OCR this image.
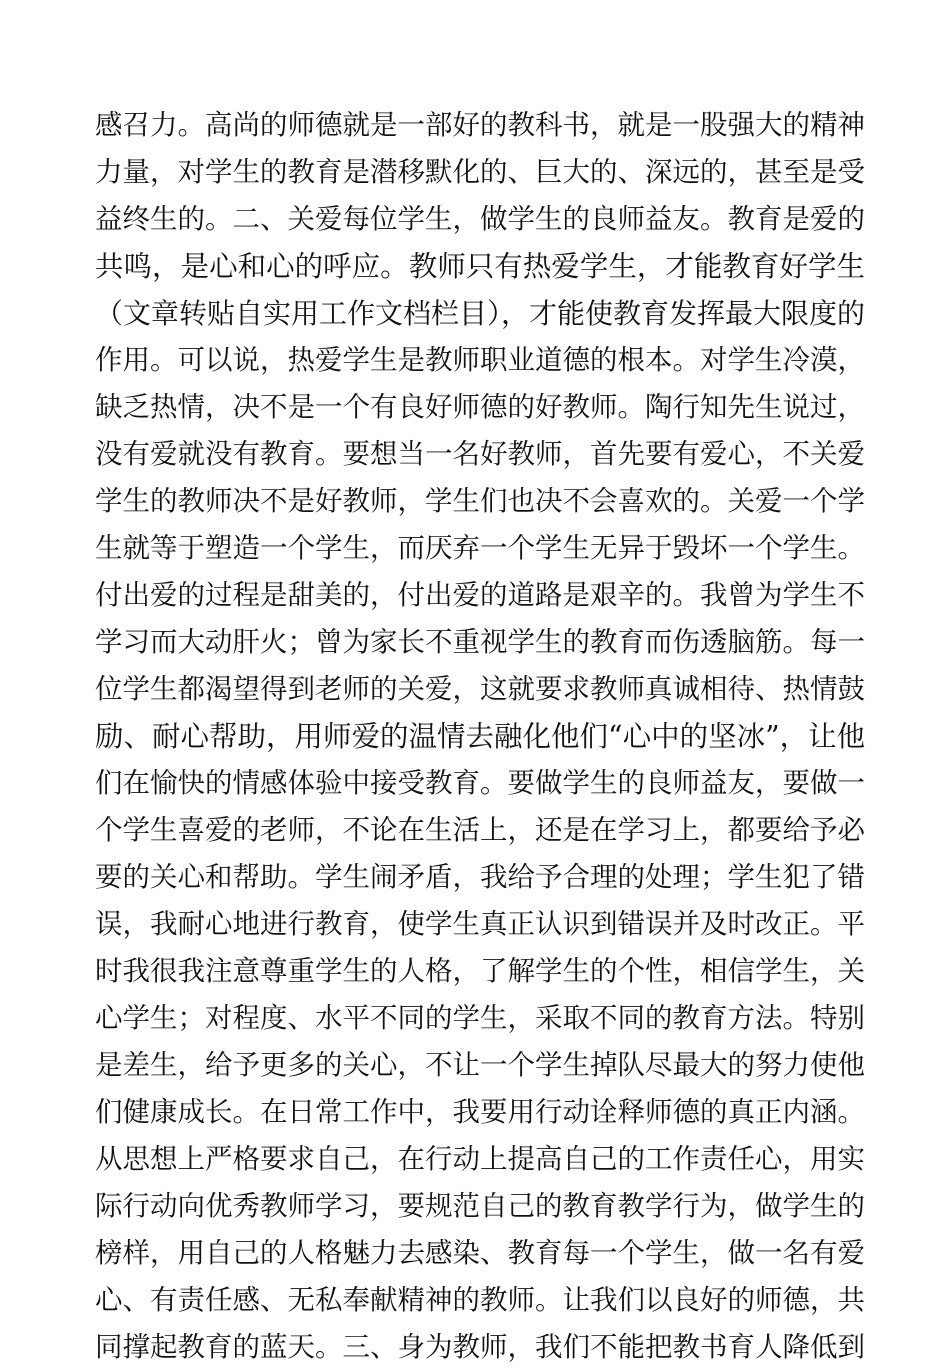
感召力。高尚的师德就是一部好的教科书，就是一股强大的精神
力量，对学生的教育是潜移默化的、巨大的、深远的，甚至是受
益终生的。二、关爱每位学生，做学生的良师益友。教育是爱的
共鸣，是心和心的呼应。教师只有热爱学生，才能教育好学生
（文章转贴自实用工作文档栏目），才能使教育发挥最大限度的
作用。可以说，热爱学生是教师职业道德的根本。对学生冷漠，
缺乏热情，决不是一个有良好师德的好教师。陶行知先生说过，
没有爱就没有教育。要想当一名好教师，首先要有爱心，不关爱
学生的教师决不是好教师，学生们也决不会喜欢的。关爱一个学
生就等于塑造一个学生，而厌弃一个学生无异于毁坏一个学生。
付出爱的过程是甜美的，付出爱的道路是艰辛的。我曾为学生不
学习而大动肝火；曾为家长不重视学生的教育而伤透脑筋。每一
位学生都渴望得到老师的关爱，这就要求教师真诚相待、热情鼓
励、耐心帮助，用师爱的温情去融化他们“心中的坚冰”，让他
们在愉快的情感体验中接受教育。要做学生的良师益友，要做一
个学生喜爱的老师，不论在生活上，还是在学习上，都要给予必
要的关心和帮助。学生闹矛盾，我给予合理的处理；学生犯了错
误，我耐心地进行教育，使学生真正认识到错误并及时改正。平
时我很我注意尊重学生的人格，了解学生的个性，相信学生，关
心学生；对程度、水平不同的学生，采取不同的教育方法。特别
是差生，给予更多的关心，不让一个学生掉队尽最大的努力使他
们健康成长。在日常工作中，我要用行动诠释师德的真正内涵。
从思想上严格要求自己，在行动上提高自己的工作责任心，用实
际行动向优秀教师学习，要规范自己的教育教学行为，做学生的
榜样，用自己的人格魅力去感染、教育每一个学生，做一名有爱
心、有责任感、无私奉献精神的教师。让我们以良好的师德，共
同撑起教育的蓝天。三、身为教师，我们不能把教书育人降低到
